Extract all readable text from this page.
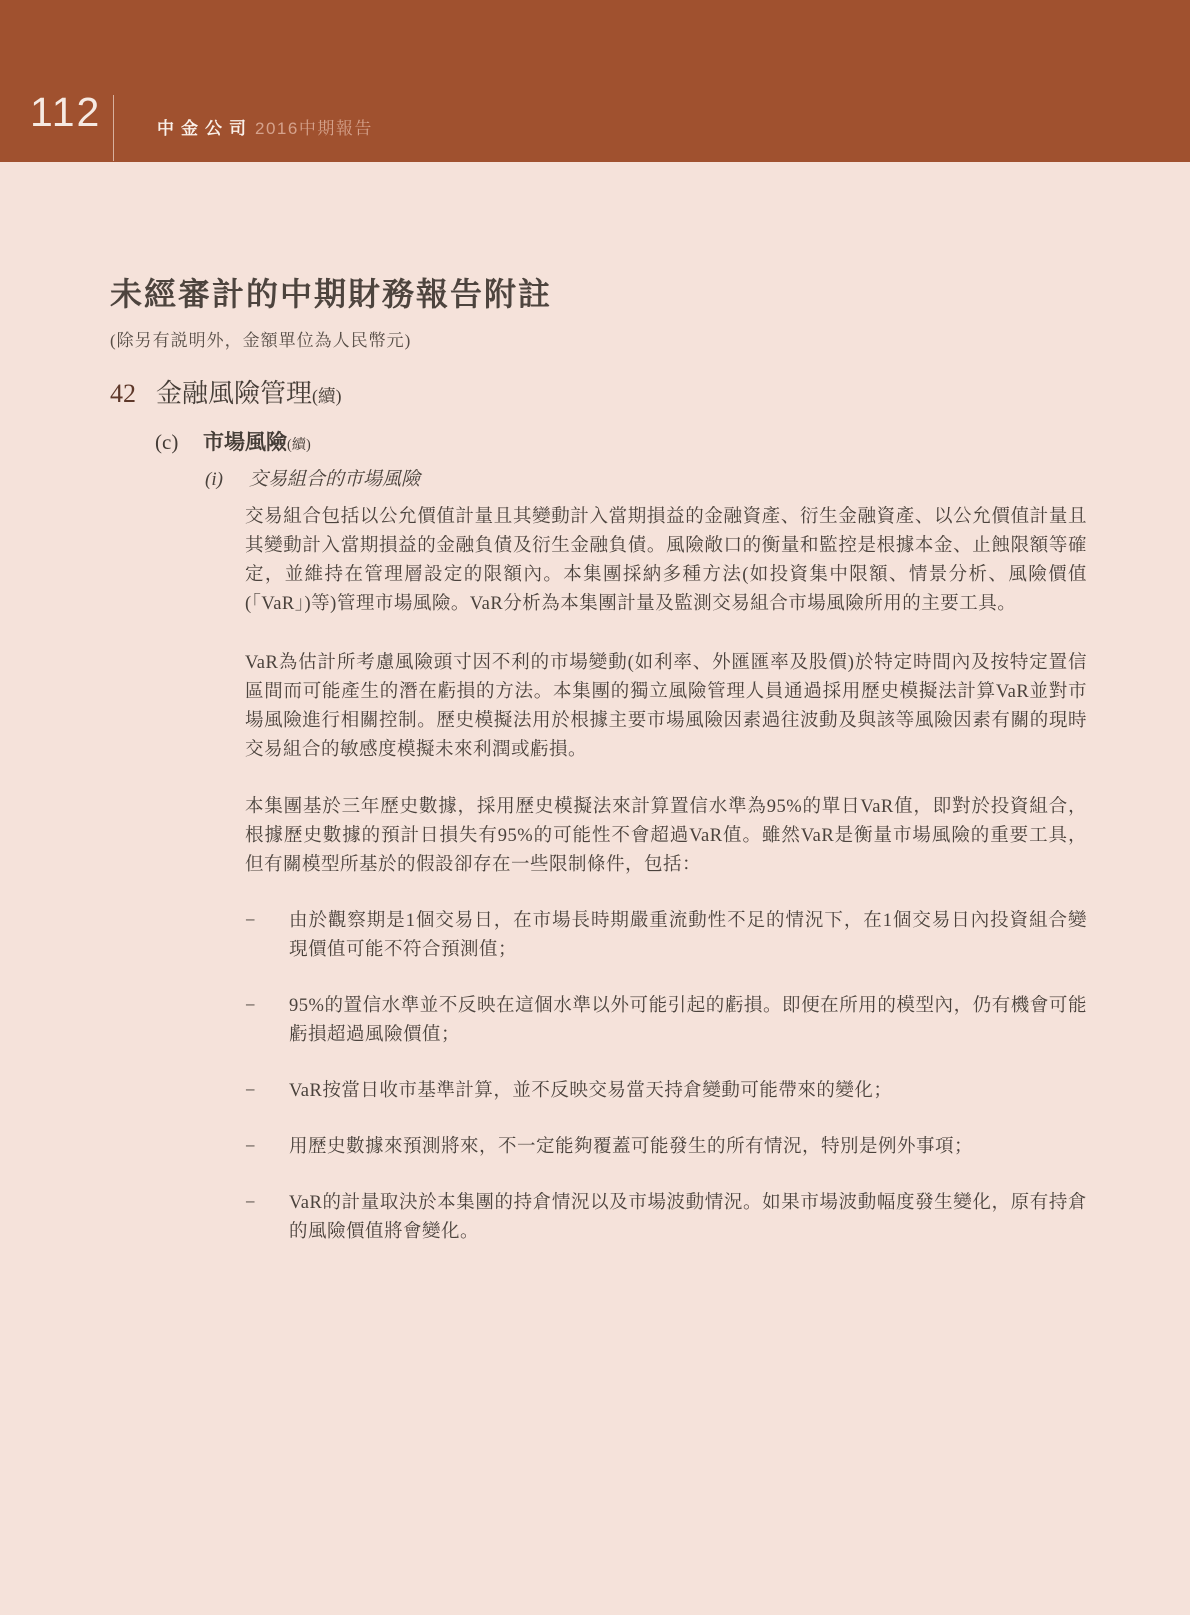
112	中金公司 2016中期報告
未經審計的中期財務報告附註
(除另有説明外，金額單位為人民幣元)
42 金融風險管理(續)
(c) 市場風險(續)
(i) 交易組合的市場風險

交易組合包括以公允價值計量且其變動計入當期損益的金融資產、衍生金融資產、以公允價值計量且其變動計入當期損益的金融負債及衍生金融負債。風險敞口的衡量和監控是根據本金、止蝕限額等確定，並維持在管理層設定的限額內。本集團採納多種方法(如投資集中限額、情景分析、風險價值(「VaR」)等)管理市場風險。VaR分析為本集團計量及監測交易組合市場風險所用的主要工具。

VaR為估計所考慮風險頭寸因不利的市場變動(如利率、外匯匯率及股價)於特定時間內及按特定置信區間而可能產生的潛在虧損的方法。本集團的獨立風險管理人員通過採用歷史模擬法計算VaR並對市場風險進行相關控制。歷史模擬法用於根據主要市場風險因素過往波動及與該等風險因素有關的現時交易組合的敏感度模擬未來利潤或虧損。

本集團基於三年歷史數據，採用歷史模擬法來計算置信水準為95%的單日VaR值，即對於投資組合，根據歷史數據的預計日損失有95%的可能性不會超過VaR值。雖然VaR是衡量市場風險的重要工具，但有關模型所基於的假設卻存在一些限制條件，包括：

−	由於觀察期是1個交易日，在市場長時期嚴重流動性不足的情況下，在1個交易日內投資組合變現價值可能不符合預測值；
−	95%的置信水準並不反映在這個水準以外可能引起的虧損。即便在所用的模型內，仍有機會可能虧損超過風險價值；
−	VaR按當日收市基準計算，並不反映交易當天持倉變動可能帶來的變化；
−	用歷史數據來預測將來，不一定能夠覆蓋可能發生的所有情況，特別是例外事項；
−	VaR的計量取決於本集團的持倉情況以及市場波動情況。如果市場波動幅度發生變化，原有持倉的風險價值將會變化。
